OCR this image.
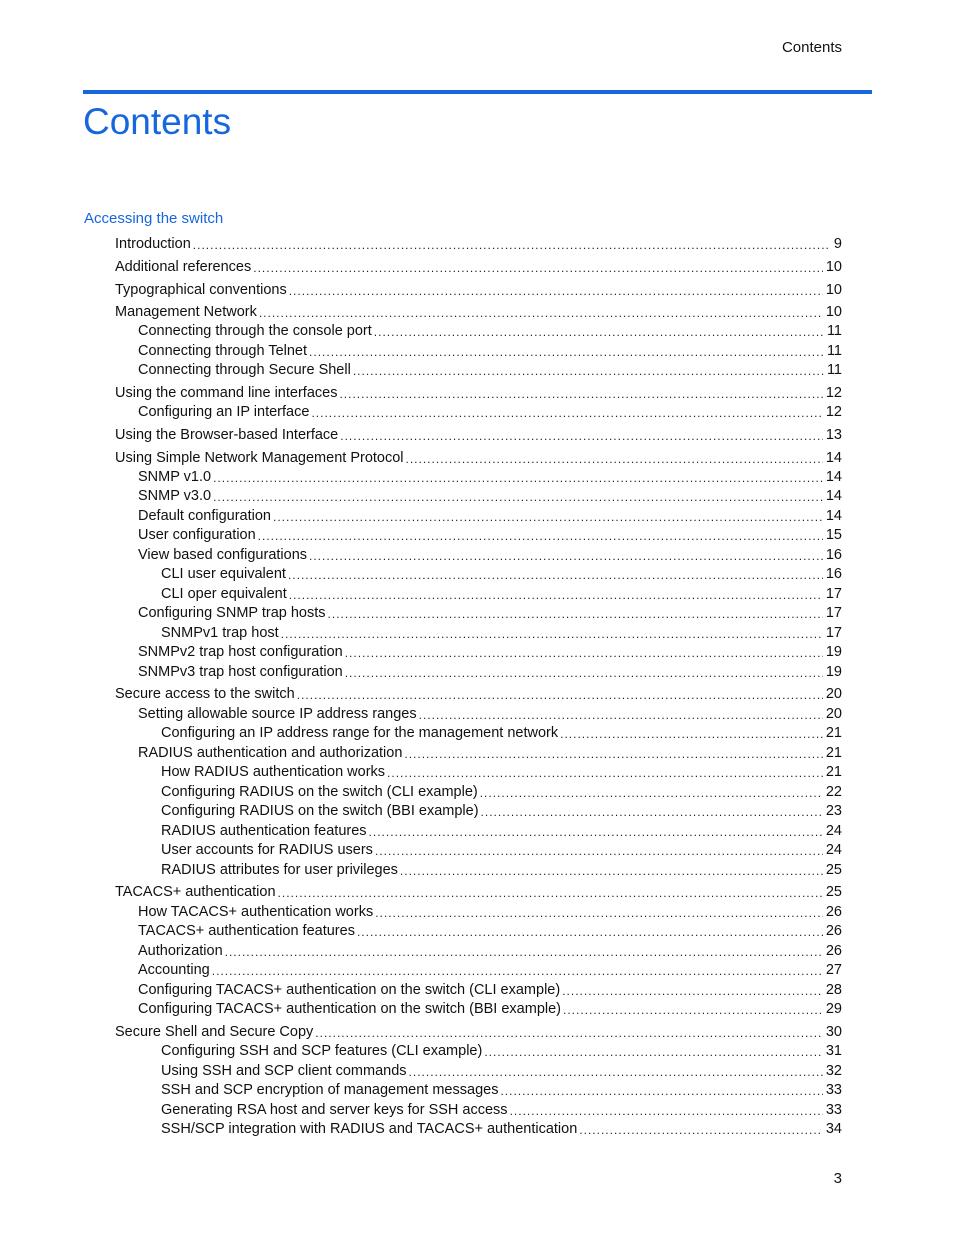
Contents
Contents
Accessing the switch
Introduction .....	9
Additional references .....	10
Typographical conventions .....	10
Management Network .....	10
Connecting through the console port .....	11
Connecting through Telnet .....	11
Connecting through Secure Shell .....	11
Using the command line interfaces .....	12
Configuring an IP interface .....	12
Using the Browser-based Interface .....	13
Using Simple Network Management Protocol .....	14
SNMP v1.0 .....	14
SNMP v3.0 .....	14
Default configuration .....	14
User configuration .....	15
View based configurations .....	16
CLI user equivalent .....	16
CLI oper equivalent .....	17
Configuring SNMP trap hosts .....	17
SNMPv1 trap host .....	17
SNMPv2 trap host configuration .....	19
SNMPv3 trap host configuration .....	19
Secure access to the switch .....	20
Setting allowable source IP address ranges .....	20
Configuring an IP address range for the management network .....	21
RADIUS authentication and authorization .....	21
How RADIUS authentication works .....	21
Configuring RADIUS on the switch (CLI example) .....	22
Configuring RADIUS on the switch (BBI example) .....	23
RADIUS authentication features .....	24
User accounts for RADIUS users .....	24
RADIUS attributes for user privileges .....	25
TACACS+ authentication .....	25
How TACACS+ authentication works .....	26
TACACS+ authentication features .....	26
Authorization .....	26
Accounting .....	27
Configuring TACACS+ authentication on the switch (CLI example) .....	28
Configuring TACACS+ authentication on the switch (BBI example) .....	29
Secure Shell and Secure Copy .....	30
Configuring SSH and SCP features (CLI example) .....	31
Using SSH and SCP client commands .....	32
SSH and SCP encryption of management messages .....	33
Generating RSA host and server keys for SSH access .....	33
SSH/SCP integration with RADIUS and TACACS+ authentication .....	34
3
